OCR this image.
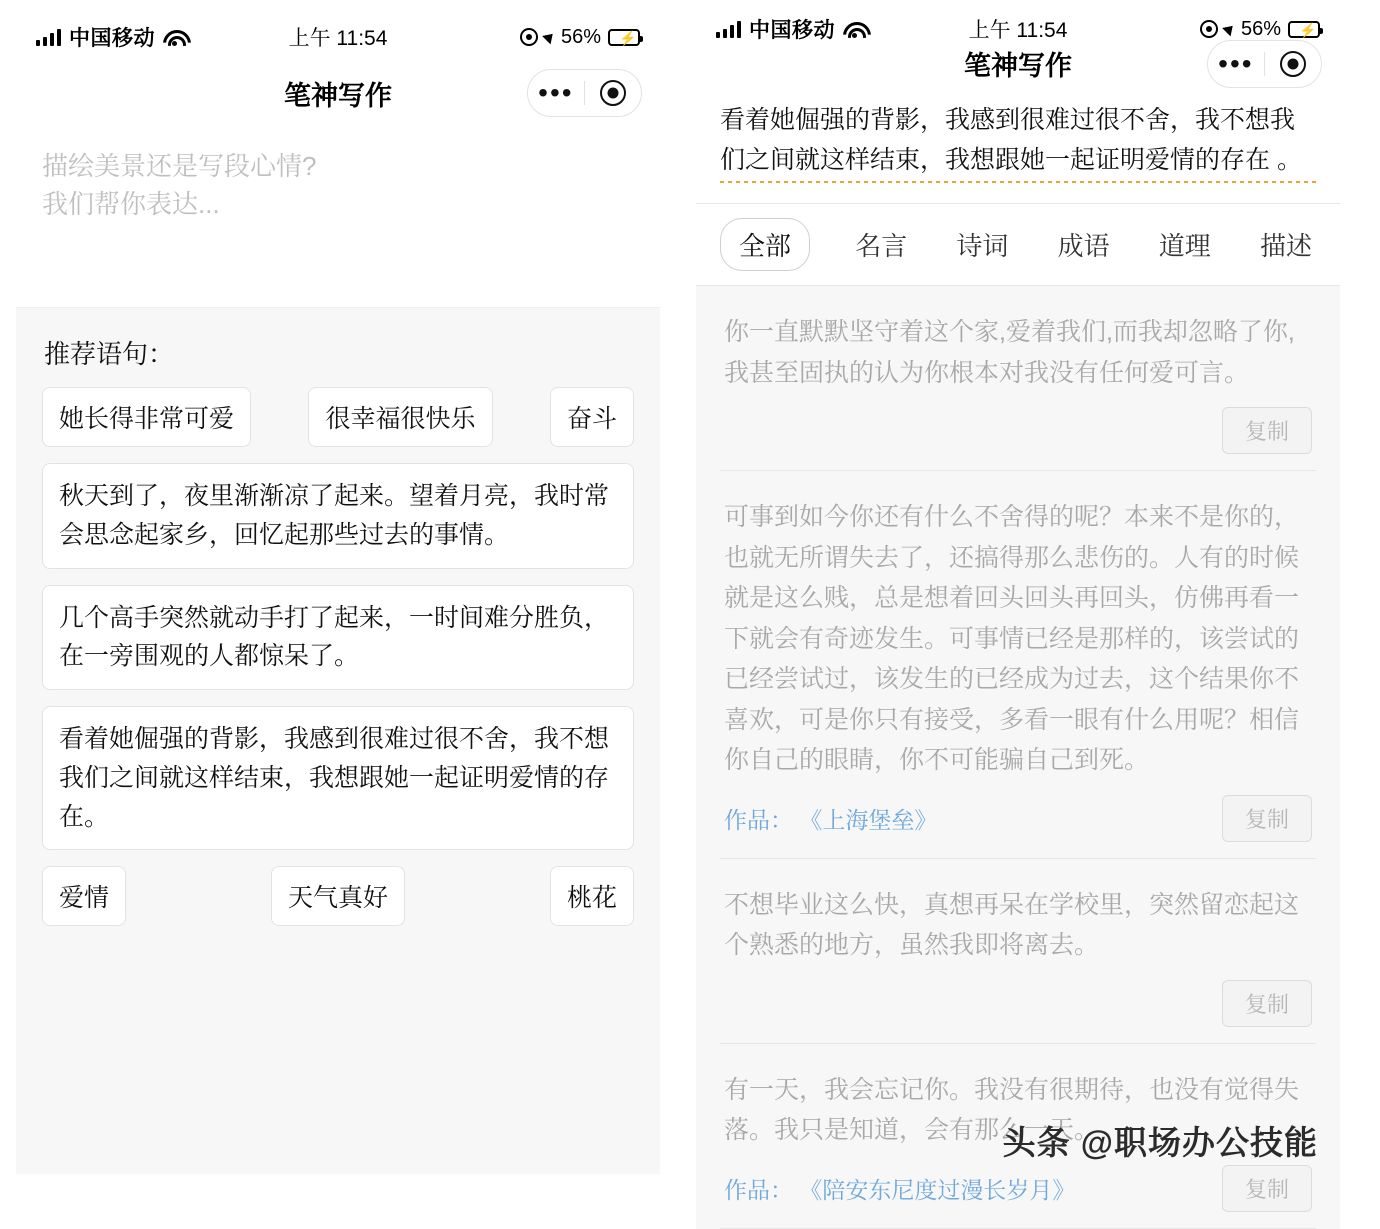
中国移动	上午 11:54	56% ⚡
笔神写作	•••
描绘美景还是写段心情?
我们帮你表达...
推荐语句：
她长得非常可爱	很幸福很快乐	奋斗
秋天到了，夜里渐渐凉了起来。望着月亮，我时常会思念起家乡，回忆起那些过去的事情。
几个高手突然就动手打了起来，一时间难分胜负，在一旁围观的人都惊呆了。
看着她倔强的背影，我感到很难过很不舍，我不想我们之间就这样结束，我想跟她一起证明爱情的存在。
爱情	天气真好	桃花
中国移动	上午 11:54	56% ⚡
笔神写作	•••
看着她倔强的背影，我感到很难过很不舍，我不想我们之间就这样结束，我想跟她一起证明爱情的存在 。
全部	名言 诗词 成语 道理 描述
你一直默默坚守着这个家,爱着我们,而我却忽略了你,我甚至固执的认为你根本对我没有任何爱可言。
复制
可事到如今你还有什么不舍得的呢？本来不是你的，也就无所谓失去了，还搞得那么悲伤的。人有的时候就是这么贱，总是想着回头回头再回头，仿佛再看一下就会有奇迹发生。可事情已经是那样的，该尝试的已经尝试过，该发生的已经成为过去，这个结果你不喜欢，可是你只有接受，多看一眼有什么用呢？相信你自己的眼睛，你不可能骗自己到死。
作品： 《上海堡垒》	复制
不想毕业这么快，真想再呆在学校里，突然留恋起这个熟悉的地方，虽然我即将离去。
复制
有一天，我会忘记你。我没有很期待，也没有觉得失落。我只是知道，会有那么一天。
作品： 《陪安东尼度过漫长岁月》	复制
头条 @职场办公技能
